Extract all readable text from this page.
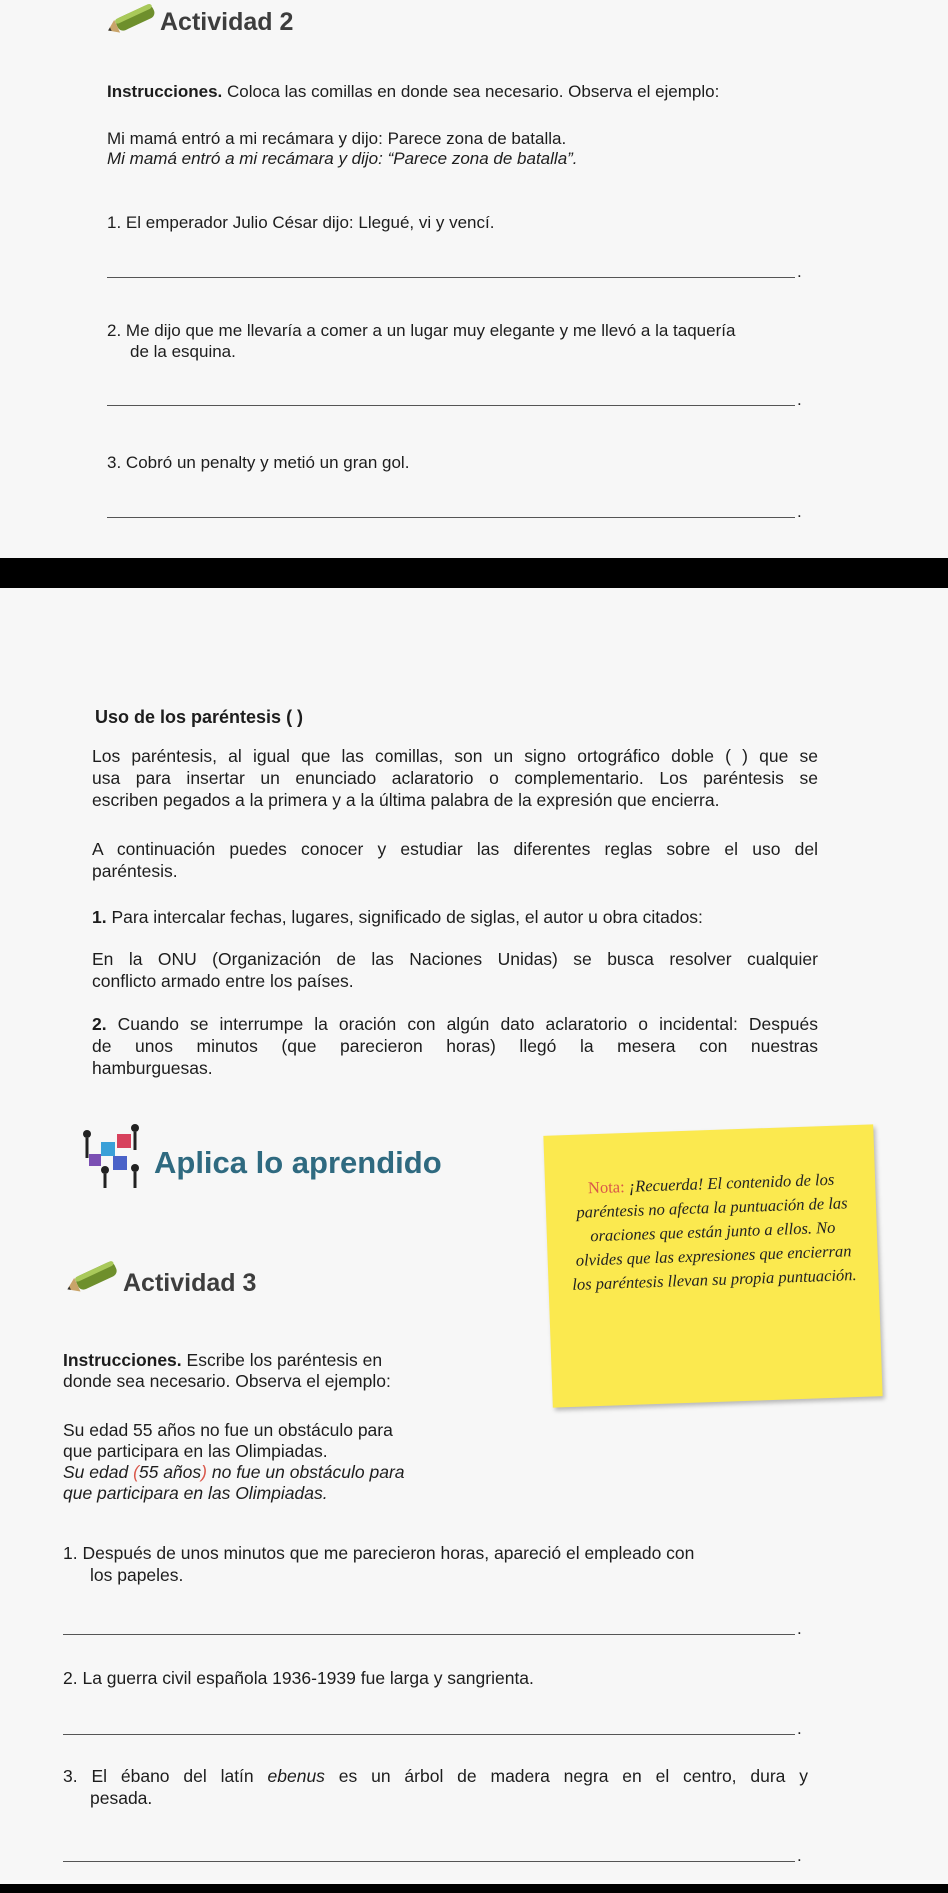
Actividad 2
Instrucciones. Coloca las comillas en donde sea necesario. Observa el ejemplo:
Mi mamá entró a mi recámara y dijo: Parece zona de batalla.
Mi mamá entró a mi recámara y dijo: “Parece zona de batalla”.
1. El emperador Julio César dijo: Llegué, vi y vencí.
.
2. Me dijo que me llevaría a comer a un lugar muy elegante y me llevó a la taquería
de la esquina.
.
3. Cobró un penalty y metió un gran gol.
.
Uso de los paréntesis ( )
Los paréntesis, al igual que las comillas, son un signo ortográfico doble ( ) que se
usa para insertar un enunciado aclaratorio o complementario. Los paréntesis se
escriben pegados a la primera y a la última palabra de la expresión que encierra.
A continuación puedes conocer y estudiar las diferentes reglas sobre el uso del
paréntesis.
1. Para intercalar fechas, lugares, significado de siglas, el autor u obra citados:
En la ONU (Organización de las Naciones Unidas) se busca resolver cualquier
conflicto armado entre los países.
2. Cuando se interrumpe la oración con algún dato aclaratorio o incidental: Después
de unos minutos (que parecieron horas) llegó la mesera con nuestras
hamburguesas.
Aplica lo aprendido
Nota: ¡Recuerda! El contenido de los paréntesis no afecta la puntuación de las oraciones que están junto a ellos. No olvides que las expresiones que encierran los paréntesis llevan su propia puntuación.
Actividad 3
Instrucciones. Escribe los paréntesis en
donde sea necesario. Observa el ejemplo:
Su edad 55 años no fue un obstáculo para
que participara en las Olimpiadas.
Su edad (55 años) no fue un obstáculo para
que participara en las Olimpiadas.
1. Después de unos minutos que me parecieron horas, apareció el empleado con
los papeles.
.
2. La guerra civil española 1936-1939 fue larga y sangrienta.
.
3. El ébano del latín ebenus es un árbol de madera negra en el centro, dura y
pesada.
.
